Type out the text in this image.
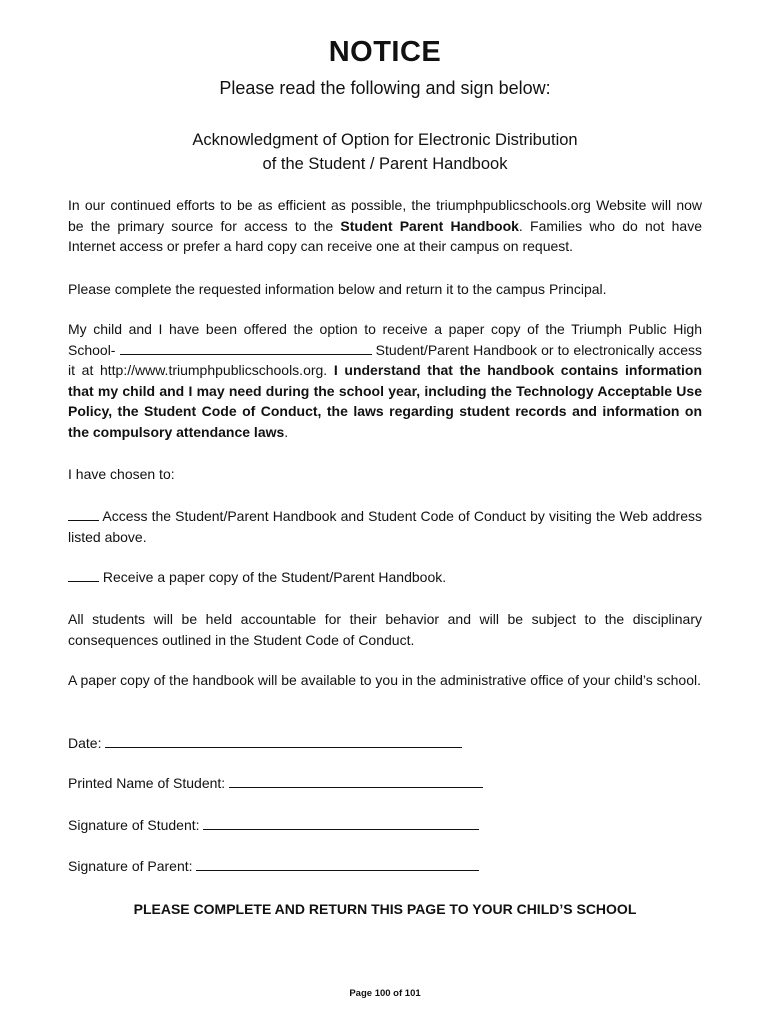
NOTICE
Please read the following and sign below:
Acknowledgment of Option for Electronic Distribution
of the Student / Parent Handbook
In our continued efforts to be as efficient as possible, the triumphpublicschools.org Website will now be the primary source for access to the Student Parent Handbook. Families who do not have Internet access or prefer a hard copy can receive one at their campus on request.
Please complete the requested information below and return it to the campus Principal.
My child and I have been offered the option to receive a paper copy of the Triumph Public High School-	Student/Parent Handbook or to electronically access it at http://www.triumphpublicschools.org. I understand that the handbook contains information that my child and I may need during the school year, including the Technology Acceptable Use Policy, the Student Code of Conduct, the laws regarding student records and information on the compulsory attendance laws.
I have chosen to:
Access the Student/Parent Handbook and Student Code of Conduct by visiting the Web address listed above.
Receive a paper copy of the Student/Parent Handbook.
All students will be held accountable for their behavior and will be subject to the disciplinary consequences outlined in the Student Code of Conduct.
A paper copy of the handbook will be available to you in the administrative office of your child’s school.
Date:
Printed Name of Student:
Signature of Student:
Signature of Parent:
PLEASE COMPLETE AND RETURN THIS PAGE TO YOUR CHILD’S SCHOOL
Page 100 of 101
